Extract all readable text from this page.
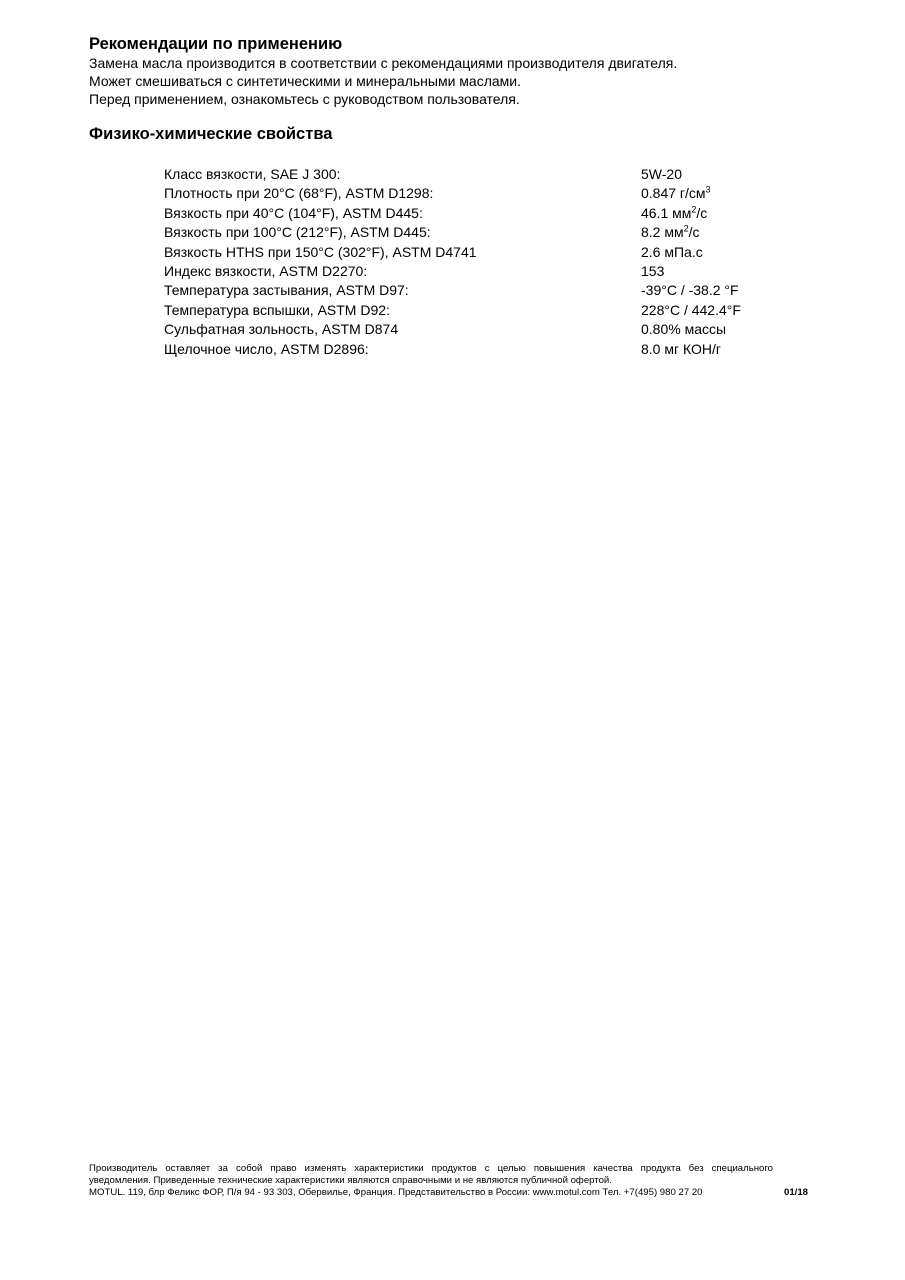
Рекомендации по применению
Замена масла производится в соответствии с рекомендациями производителя двигателя.
Может смешиваться с синтетическими и минеральными маслами.
Перед применением, ознакомьтесь с руководством пользователя.
Физико-химические свойства
Класс вязкости, SAE J 300:	5W-20
Плотность при 20°С (68°F), ASTM D1298:	0.847 $г/см^3$
Вязкость при 40°С (104°F), ASTM D445:	46.1 $мм^2/с$
Вязкость при 100°С (212°F), ASTM D445:	8.2 $мм^2/с$
Вязкость HTHS при 150°С (302°F), ASTM D4741	2.6 мПа.с
Индекс вязкости, ASTM D2270:	153
Температура застывания, ASTM D97:	-39°С / -38.2 °F
Температура вспышки, ASTM D92:	228°С / 442.4°F
Сульфатная зольность, ASTM D874	0.80% массы
Щелочное число, ASTM D2896:	8.0 мг КОН/г
Производитель оставляет за собой право изменять характеристики продуктов с целью повышения качества продукта без специального
уведомления. Приведенные технические характеристики являются справочными и не являются публичной офертой.
MOTUL. 119, блр Феликс ФОР, П/я 94 - 93 303, Обервилье, Франция. Представительство в России: www.motul.com Тел. +7(495) 980 27 20	01/18
